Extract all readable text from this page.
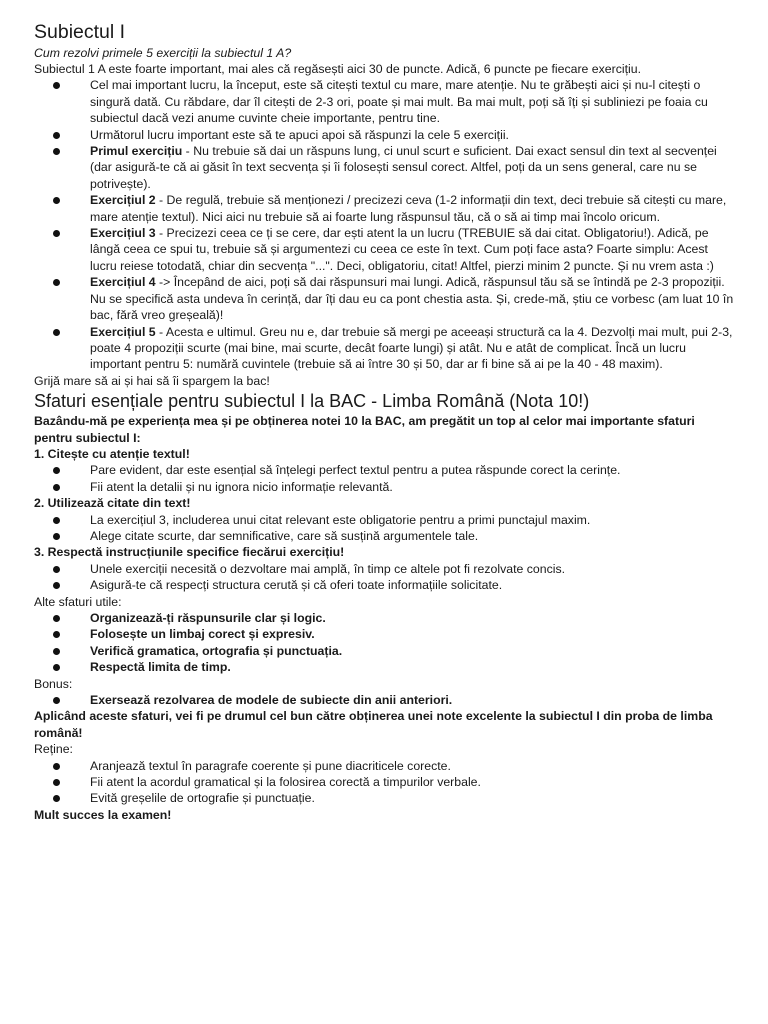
Subiectul I

Cum rezolvi primele 5 exerciții la subiectul 1 A?

Subiectul 1 A este foarte important, mai ales că regăsești aici 30 de puncte. Adică, 6 puncte pe fiecare exercițiu.

Cel mai important lucru, la început, este să citești textul cu mare, mare atenție. Nu te grăbești aici și nu-l citești o singură dată. Cu răbdare, dar îl citești de 2-3 ori, poate și mai mult. Ba mai mult, poți să îți și subliniezi pe foaia cu subiectul dacă vezi anume cuvinte cheie importante, pentru tine.
Următorul lucru important este să te apuci apoi să răspunzi la cele 5 exerciții.
Primul exercițiu - Nu trebuie să dai un răspuns lung, ci unul scurt e suficient. Dai exact sensul din text al secvenței (dar asigură-te că ai găsit în text secvența și îi folosești sensul corect. Altfel, poți da un sens general, care nu se potrivește).
Exercițiul 2 - De regulă, trebuie să menționezi / precizezi ceva (1-2 informații din text, deci trebuie să citești cu mare, mare atenție textul). Nici aici nu trebuie să ai foarte lung răspunsul tău, că o să ai timp mai încolo oricum.
Exercițiul 3 - Precizezi ceea ce ți se cere, dar ești atent la un lucru (TREBUIE să dai citat. Obligatoriu!). Adică, pe lângă ceea ce spui tu, trebuie să și argumentezi cu ceea ce este în text. Cum poți face asta? Foarte simplu: Acest lucru reiese totodată, chiar din secvența "...". Deci, obligatoriu, citat! Altfel, pierzi minim 2 puncte. Și nu vrem asta :)
Exercițiul 4 -> Începând de aici, poți să dai răspunsuri mai lungi. Adică, răspunsul tău să se întindă pe 2-3 propoziții. Nu se specifică asta undeva în cerință, dar îți dau eu ca pont chestia asta. Și, crede-mă, știu ce vorbesc (am luat 10 în bac, fără vreo greșeală)!
Exercițiul 5 - Acesta e ultimul. Greu nu e, dar trebuie să mergi pe aceeași structură ca la 4. Dezvolți mai mult, pui 2-3, poate 4 propoziții scurte (mai bine, mai scurte, decât foarte lungi) și atât. Nu e atât de complicat. Încă un lucru important pentru 5: numără cuvintele (trebuie să ai între 30 și 50, dar ar fi bine să ai pe la 40 - 48 maxim).

Grijă mare să ai și hai să îi spargem la bac!

Sfaturi esențiale pentru subiectul I la BAC - Limba Română (Nota 10!)

Bazându-mă pe experiența mea și pe obținerea notei 10 la BAC, am pregătit un top al celor mai importante sfaturi pentru subiectul I:

1. Citește cu atenție textul!

Pare evident, dar este esențial să înțelegi perfect textul pentru a putea răspunde corect la cerințe.
Fii atent la detalii și nu ignora nicio informație relevantă.

2. Utilizează citate din text!

La exercițiul 3, includerea unui citat relevant este obligatorie pentru a primi punctajul maxim.
Alege citate scurte, dar semnificative, care să susțină argumentele tale.

3. Respectă instrucțiunile specifice fiecărui exercițiu!

Unele exerciții necesită o dezvoltare mai amplă, în timp ce altele pot fi rezolvate concis.
Asigură-te că respecți structura cerută și că oferi toate informațiile solicitate.

Alte sfaturi utile:

Organizează-ți răspunsurile clar și logic.
Folosește un limbaj corect și expresiv.
Verifică gramatica, ortografia și punctuația.
Respectă limita de timp.

Bonus:

Exersează rezolvarea de modele de subiecte din anii anteriori.

Aplicând aceste sfaturi, vei fi pe drumul cel bun către obținerea unei note excelente la subiectul I din proba de limba română!

Reține:

Aranjează textul în paragrafe coerente și pune diacriticele corecte.
Fii atent la acordul gramatical și la folosirea corectă a timpurilor verbale.
Evită greșelile de ortografie și punctuație.

Mult succes la examen!
